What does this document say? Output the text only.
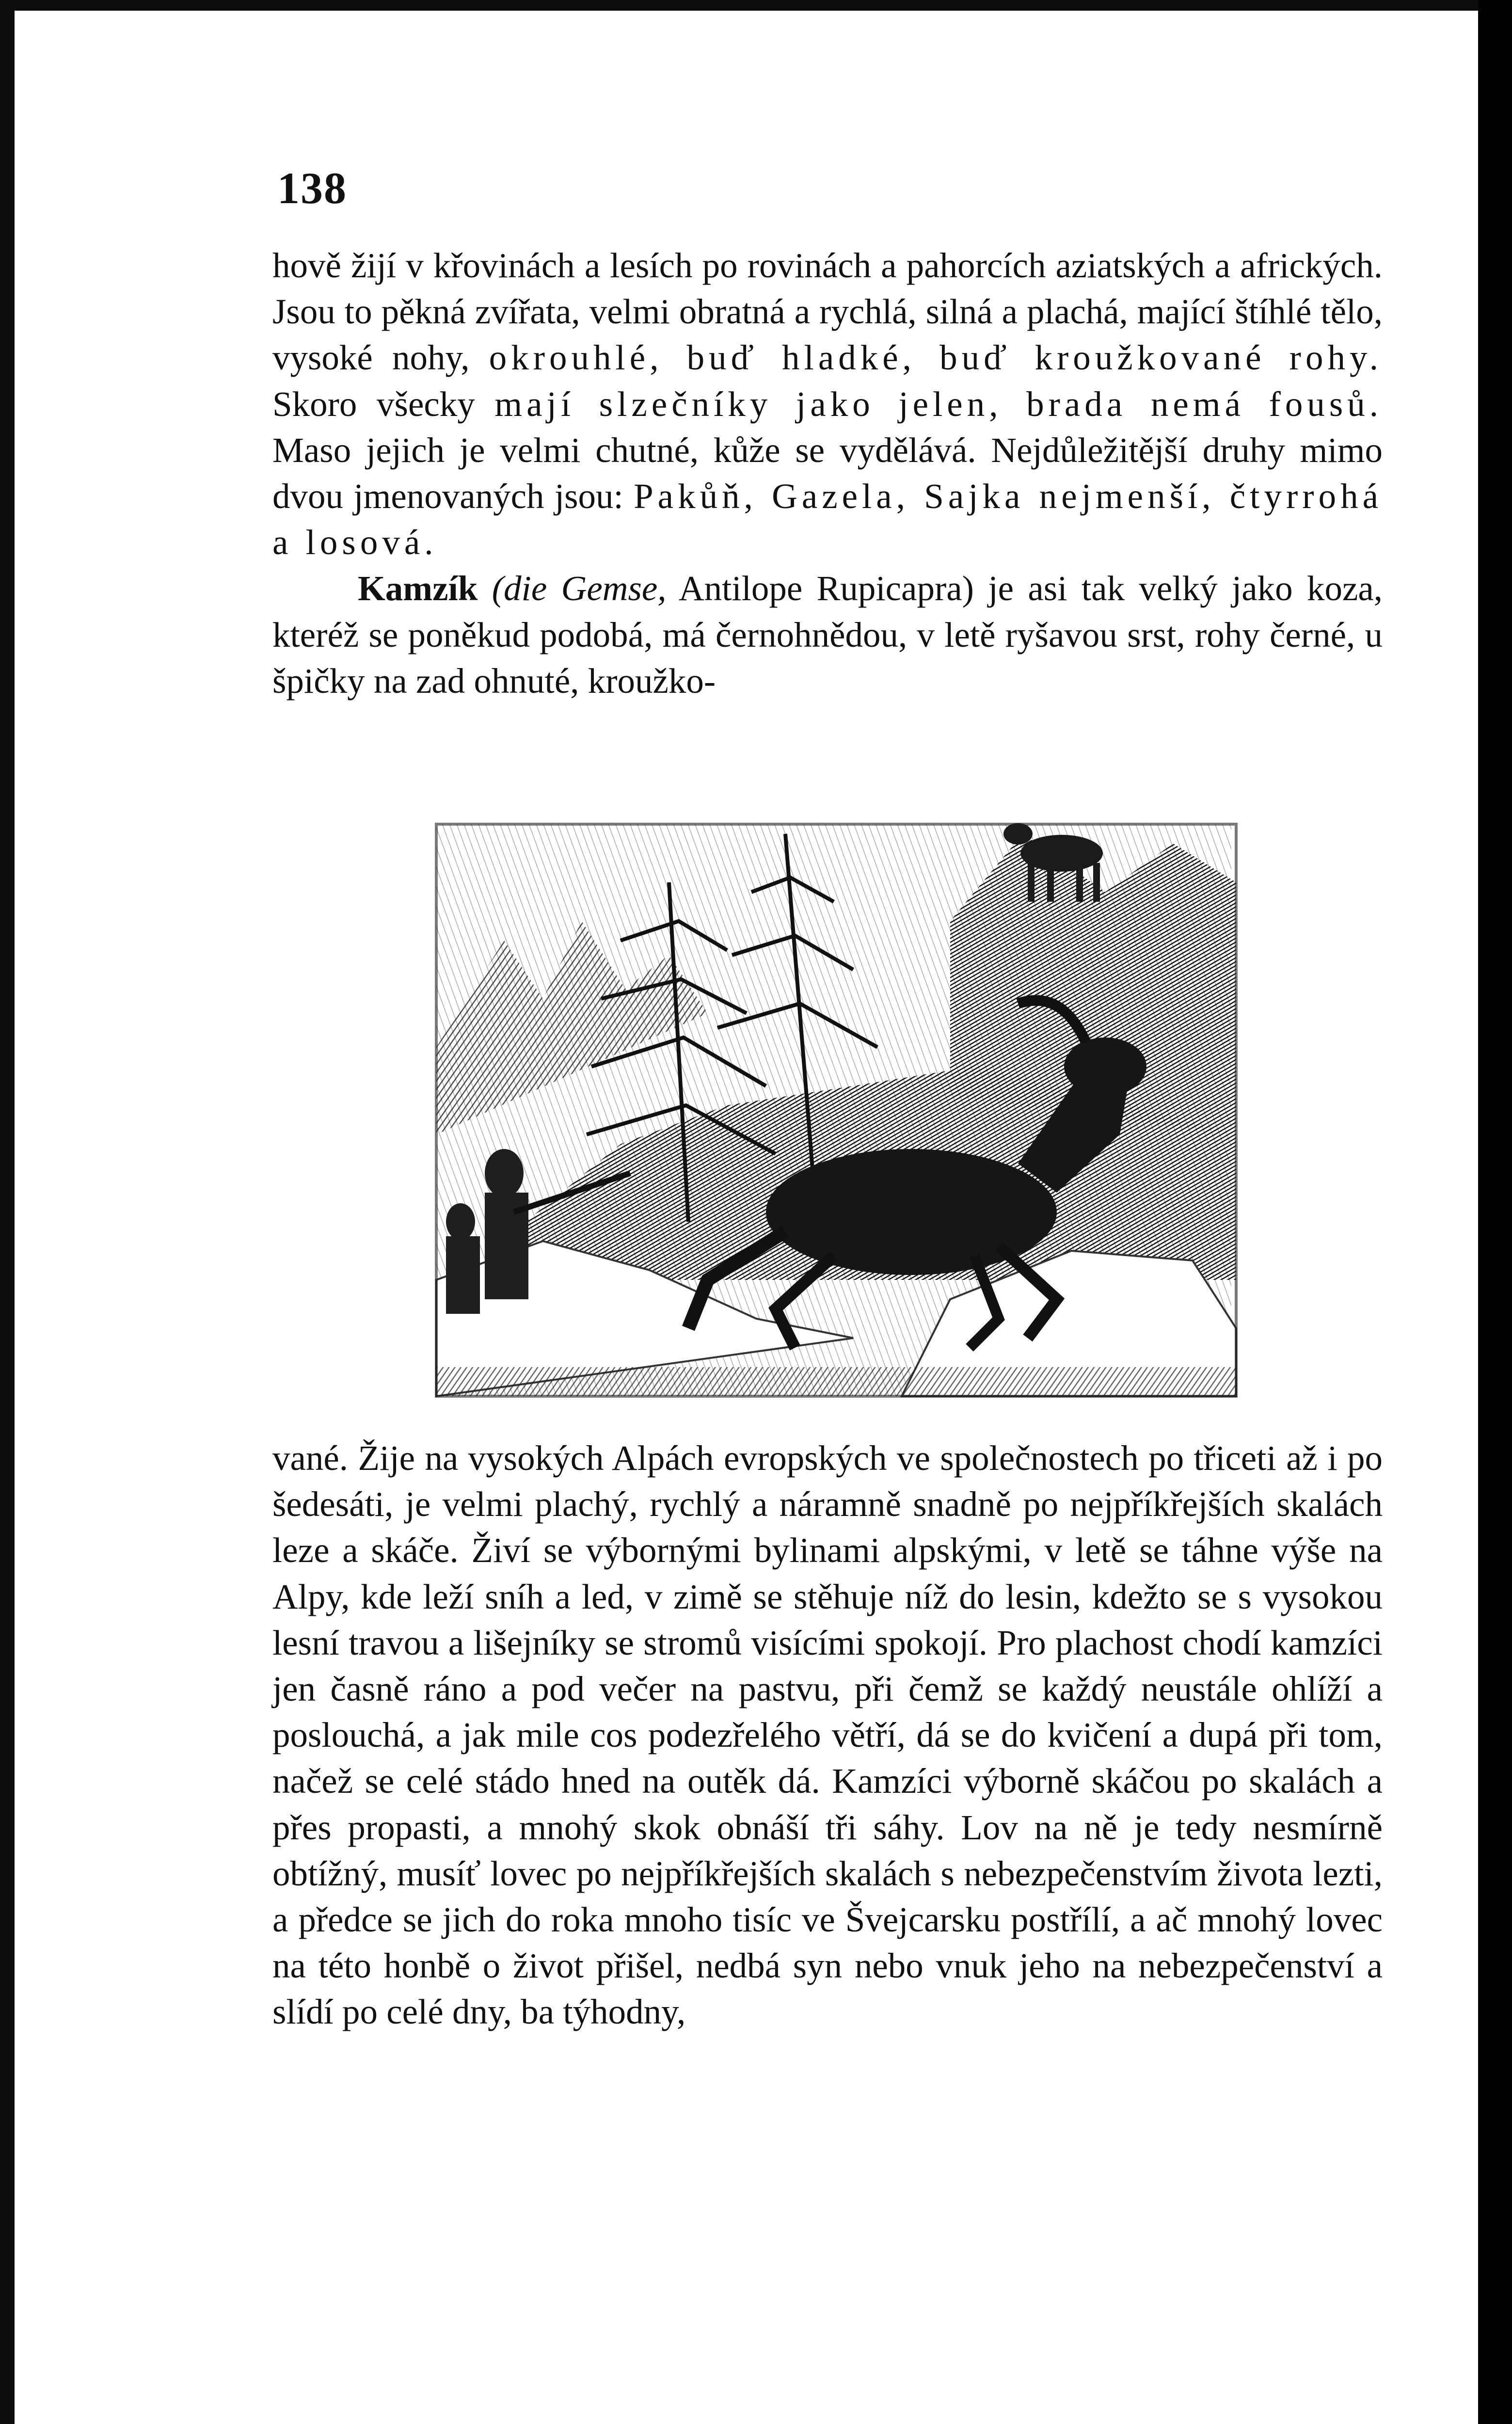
138

hově žijí v křovinách a lesích po rovinách a pahorcích aziatských a afrických. Jsou to pěkná zvířata, velmi obratná a rychlá, silná a plachá, mající štíhlé tělo, vysoké nohy, okrouhlé, buď hladké, buď kroužkované rohy. Skoro všecky mají slzečníky jako jelen, brada nemá fousů. Maso jejich je velmi chutné, kůže se vydělává. Nejdůležitější druhy mimo dvou jmenovaných jsou: Pakůň, Gazela, Sajka nejmenší, čtyrrohá a losová.

Kamzík (die Gemse, Antilope Rupicapra) je asi tak velký jako koza, kteréž se poněkud podobá, má černohnědou, v letě ryšavou srst, rohy černé, u špičky na zad ohnuté, kroužko-

vané. Žije na vysokých Alpách evropských ve společnostech po třiceti až i po šedesáti, je velmi plachý, rychlý a náramně snadně po nejpříkřejších skalách leze a skáče. Živí se výbornými bylinami alpskými, v letě se táhne výše na Alpy, kde leží sníh a led, v zimě se stěhuje níž do lesin, kdežto se s vysokou lesní travou a lišejníky se stromů visícími spokojí. Pro plachost chodí kamzíci jen časně ráno a pod večer na pastvu, při čemž se každý neustále ohlíží a poslouchá, a jak mile cos podezřelého větří, dá se do kvičení a dupá při tom, načež se celé stádo hned na outěk dá. Kamzíci výborně skáčou po skalách a přes propasti, a mnohý skok obnáší tři sáhy. Lov na ně je tedy nesmírně obtížný, musíť lovec po nejpříkřejších skalách s nebezpečenstvím života lezti, a předce se jich do roka mnoho tisíc ve Švejcarsku postřílí, a ač mnohý lovec na této honbě o život přišel, nedbá syn nebo vnuk jeho na nebezpečenství a slídí po celé dny, ba týhodny,
